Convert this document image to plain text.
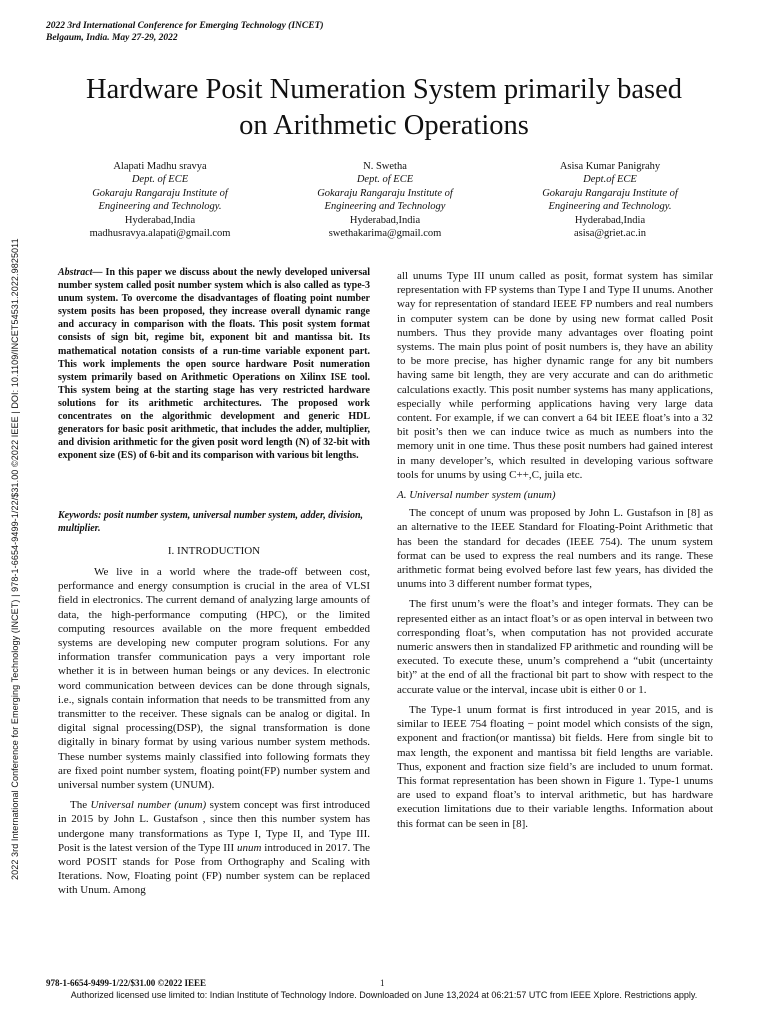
2022 3rd International Conference for Emerging Technology (INCET)
Belgaum, India. May 27-29, 2022
Hardware Posit Numeration System primarily based
on Arithmetic Operations
Alapati Madhu sravya
Dept. of ECE
Gokaraju Rangaraju Institute of
Engineering and Technology.
Hyderabad,India
madhusravya.alapati@gmail.com
N. Swetha
Dept. of ECE
Gokaraju Rangaraju Institute of
Engineering and Technology
Hyderabad,India
swethakarima@gmail.com
Asisa Kumar Panigrahy
Dept.of ECE
Gokaraju Rangaraju Institute of
Engineering and Technology.
Hyderabad,India
asisa@griet.ac.in
2022 3rd International Conference for Emerging Technology (INCET) | 978-1-6654-9499-1/22/$31.00 ©2022 IEEE | DOI: 10.1109/INCET54531.2022.9825011	Abstract— In this paper we discuss about the newly developed universal number system called posit number system which is also called as type-3 unum system. To overcome the disadvantages of floating point number system posits has been proposed, they increase overall dynamic range and accuracy in comparison with the floats. This posit system format consists of sign bit, regime bit, exponent bit and mantissa bit. Its mathematical notation consists of a run-time variable exponent part. This work implements the open source hardware Posit numeration system primarily based on Arithmetic Operations on Xilinx ISE tool. This system being at the starting stage has very restricted hardware solutions for its arithmetic architectures. The proposed work concentrates on the algorithmic development and generic HDL generators for basic posit arithmetic, that includes the adder, multiplier, and division arithmetic for the given posit word length (N) of 32-bit with exponent size (ES) of 6-bit and its comparison with various bit lengths.
Keywords: posit number system, universal number system, adder, division, multiplier.
I. INTRODUCTION

We live in a world where the trade-off between cost, performance and energy consumption is crucial in the area of VLSI field in electronics. The current demand of analyzing large amounts of data, the high-performance computing (HPC), or the limited computing resources available on the more frequent embedded systems are developing new computer program solutions. For any information transfer communication pays a very important role whether it is in between human beings or any devices. In electronic word communication between devices can be done through signals, i.e., signals contain information that needs to be transmitted from any transmitter to the receiver. These signals can be analog or digital. In digital signal processing(DSP), the signal transformation is done digitally in binary format by using various number system methods. These number systems mainly classified into following formats they are fixed point number system, floating point(FP) number system and universal number system (UNUM).

The Universal number (unum) system concept was first introduced in 2015 by John L. Gustafson , since then this number system has undergone many transformations as Type I, Type II, and Type III. Posit is the latest version of the Type III unum introduced in 2017. The word POSIT stands for Pose from Orthography and Scaling with Iterations. Now, Floating point (FP) number system can be replaced with Unum. Among

all unums Type III unum called as posit, format system has similar representation with FP systems than Type I and Type II unums. Another way for representation of standard IEEE FP numbers and real numbers in computer system can be done by using new format called Posit numbers. Thus they provide many advantages over floating point systems. The main plus point of posit numbers is, they have an ability to be more precise, has higher dynamic range for any bit numbers having same bit length, they are very accurate and can do arithmetic calculations exactly. This posit number systems has many applications, especially while performing applications having very large data content. For example, if we can convert a 64 bit IEEE float’s into a 32 bit posit’s then we can induce twice as much as numbers into the memory unit in one time. Thus these posit numbers had gained interest in many developer’s, which resulted in developing various software tools for unums by using C++,C, juila etc.

A. Universal number system (unum)

The concept of unum was proposed by John L. Gustafson in [8] as an alternative to the IEEE Standard for Floating-Point Arithmetic that has been the standard for decades (IEEE 754). The unum system format can be used to express the real numbers and its range. These arithmetic format being evolved before last few years, has divided the unums into 3 different number format types,

The first unum’s were the float’s and integer formats. They can be represented either as an intact float’s or as open interval in between two corresponding float’s, when computation has not provided accurate numeric answers then in standalized FP arithmetic and rounding will be executed. To execute these, unum’s comprehend a “ubit (uncertainty bit)” at the end of all the fractional bit part to show with respect to the accurate value or the interval, incase ubit is either 0 or 1.

The Type-1 unum format is first introduced in year 2015, and is similar to IEEE 754 floating − point model which consists of the sign, exponent and fraction(or mantissa) bit fields. Here from single bit to max length, the exponent and mantissa bit field lengths are variable. Thus, exponent and fraction size field’s are included to unum format. This format representation has been shown in Figure 1. Type-1 unums are used to expand float’s to interval arithmetic, but has hardware execution limitations due to their variable lengths. Information about this format can be seen in [8].

978-1-6654-9499-1/22/$31.00 ©2022 IEEE	1
Authorized licensed use limited to: Indian Institute of Technology Indore. Downloaded on June 13,2024 at 06:21:57 UTC from IEEE Xplore. Restrictions apply.
